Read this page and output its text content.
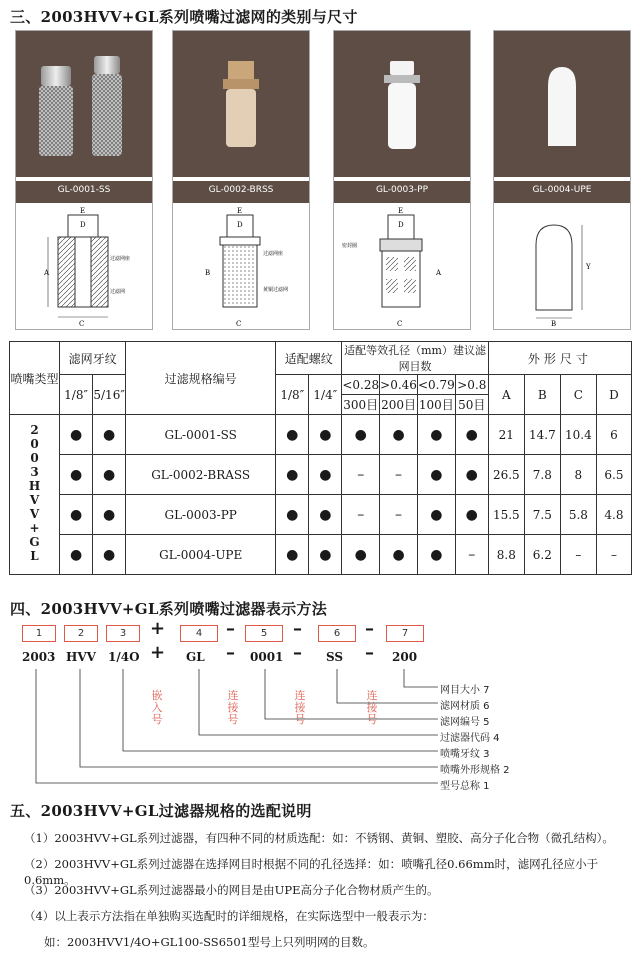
三、2003HVV+GL系列喷嘴过滤网的类别与尺寸
GL-0001-SS
A
C
E
D
过滤网座
过滤网
GL-0002-BRSS
E
D
B
C
过滤网座
黄铜过滤网
GL-0003-PP
E
D
A
C
密封圈
GL-0004-UPE
Y
B
喷嘴类型	滤网牙纹		过滤规格编号	适配螺纹		适配等效孔径（mm）建议滤网目数				外形尺寸			
	1/8″	5/16″		1/8″	1/4″	<0.28	>0.46	<0.79	>0.8	A	B	C	D
						300目	200目	100目	50目				
2003HVV+GL	●	●	GL-0001-SS	●	●	●	●	●	●	21	14.7	10.4	6
	●	●	GL-0002-BRASS	●	●	–	–	●	●	26.5	7.8	8	6.5
	●	●	GL-0003-PP	●	●	–	–	●	●	15.5	7.5	5.8	4.8
	●	●	GL-0004-UPE	●	●	●	●	●	–	8.8	6.2	–	–
四、2003HVV+GL系列喷嘴过滤器表示方法
1	2	3	4	5	6	7
+
+
–
–
–
–
–
–
2003 HVV 1/4O	GL	0001	SS	200
嵌入号
连接号
连接号
连接号
网目大小 7
滤网材质 6
滤网编号 5
过滤器代码 4
喷嘴牙纹 3
喷嘴外形规格 2
型号总称 1
五、2003HVV+GL过滤器规格的选配说明
（1）2003HVV+GL系列过滤器，有四种不同的材质选配：如：不锈钢、黄铜、塑胶、高分子化合物（微孔结构）。
（2）2003HVV+GL系列过滤器在选择网目时根据不同的孔径选择：如：喷嘴孔径0.66mm时，滤网孔径应小于0.6mm。
（3）2003HVV+GL系列过滤器最小的网目是由UPE高分子化合物材质产生的。
（4）以上表示方法指在单独购买选配时的详细规格，在实际选型中一般表示为：
如：2003HVV1/4O+GL100-SS6501型号上只列明网的目数。
